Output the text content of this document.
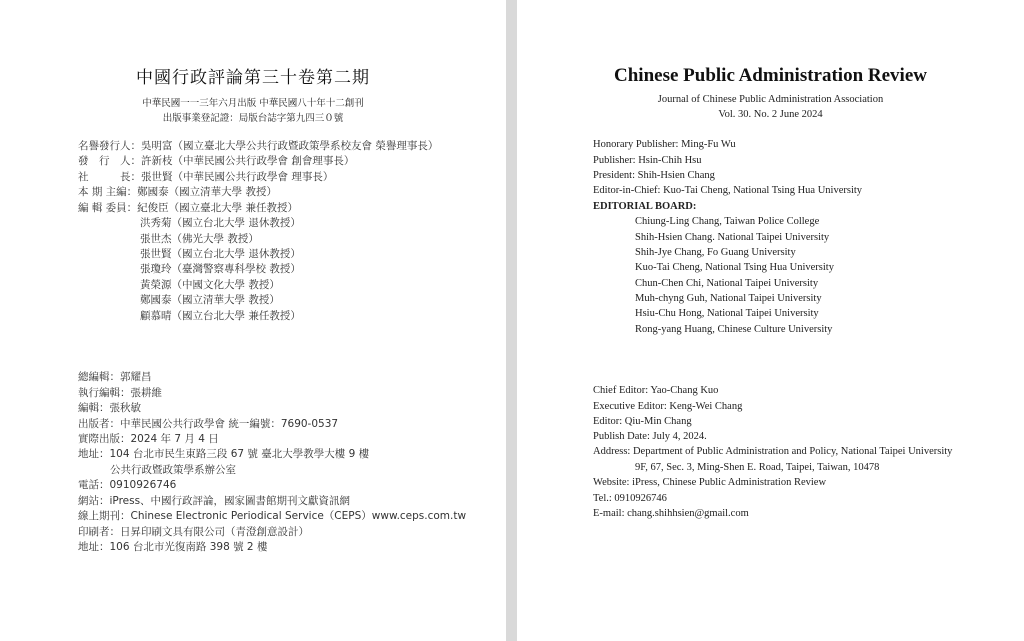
中國行政評論第三十卷第二期
中華民國一一三年六月出版 中華民國八十年十二創刊
出版事業登記證：局版台誌字第九四三０號
名譽發行人：吳明富（國立臺北大學公共行政暨政策學系校友會 榮譽理事長）
發　行　人：許新枝（中華民國公共行政學會 創會理事長）
社　　　長：張世賢（中華民國公共行政學會 理事長）
本 期 主編：鄭國泰（國立清華大學 教授）
編 輯 委員：紀俊臣（國立臺北大學 兼任教授）
洪秀菊（國立台北大學 退休教授）
張世杰（佛光大學 教授）
張世賢（國立台北大學 退休教授）
張瓊玲（臺灣警察專科學校 教授）
黃榮源（中國文化大學 教授）
鄭國泰（國立清華大學 教授）
顧慕晴（國立台北大學 兼任教授）
總編輯：郭耀昌
執行編輯：張耕維
編輯：張秋敏
出版者：中華民國公共行政學會 統一編號：7690-0537
實際出版：2024 年 7 月 4 日
地址：104 台北市民生東路三段 67 號 臺北大學教學大樓 9 樓
公共行政暨政策學系辦公室
電話：0910926746
網站：iPress、中國行政評論，國家圖書館期刊文獻資訊網
線上期刊：Chinese Electronic Periodical Service（CEPS）www.ceps.com.tw
印刷者：日昇印刷文具有限公司（青澄創意設計）
地址：106 台北市光復南路 398 號 2 樓
Chinese Public Administration Review
Journal of Chinese Public Administration Association
Vol. 30. No. 2 June 2024
Honorary Publisher: Ming-Fu Wu
Publisher: Hsin-Chih Hsu
President: Shih-Hsien Chang
Editor-in-Chief: Kuo-Tai Cheng, National Tsing Hua University
EDITORIAL BOARD:
Chiung-Ling Chang, Taiwan Police College
Shih-Hsien Chang. National Taipei University
Shih-Jye Chang, Fo Guang University
Kuo-Tai Cheng, National Tsing Hua University
Chun-Chen Chi, National Taipei University
Muh-chyng Guh, National Taipei University
Hsiu-Chu Hong, National Taipei University
Rong-yang Huang, Chinese Culture University
Chief Editor: Yao-Chang Kuo
Executive Editor: Keng-Wei Chang
Editor: Qiu-Min Chang
Publish Date: July 4, 2024.
Address: Department of Public Administration and Policy, National Taipei University
9F, 67, Sec. 3, Ming-Shen E. Road, Taipei, Taiwan, 10478
Website: iPress, Chinese Public Administration Review
Tel.: 0910926746
E-mail: chang.shihhsien@gmail.com
